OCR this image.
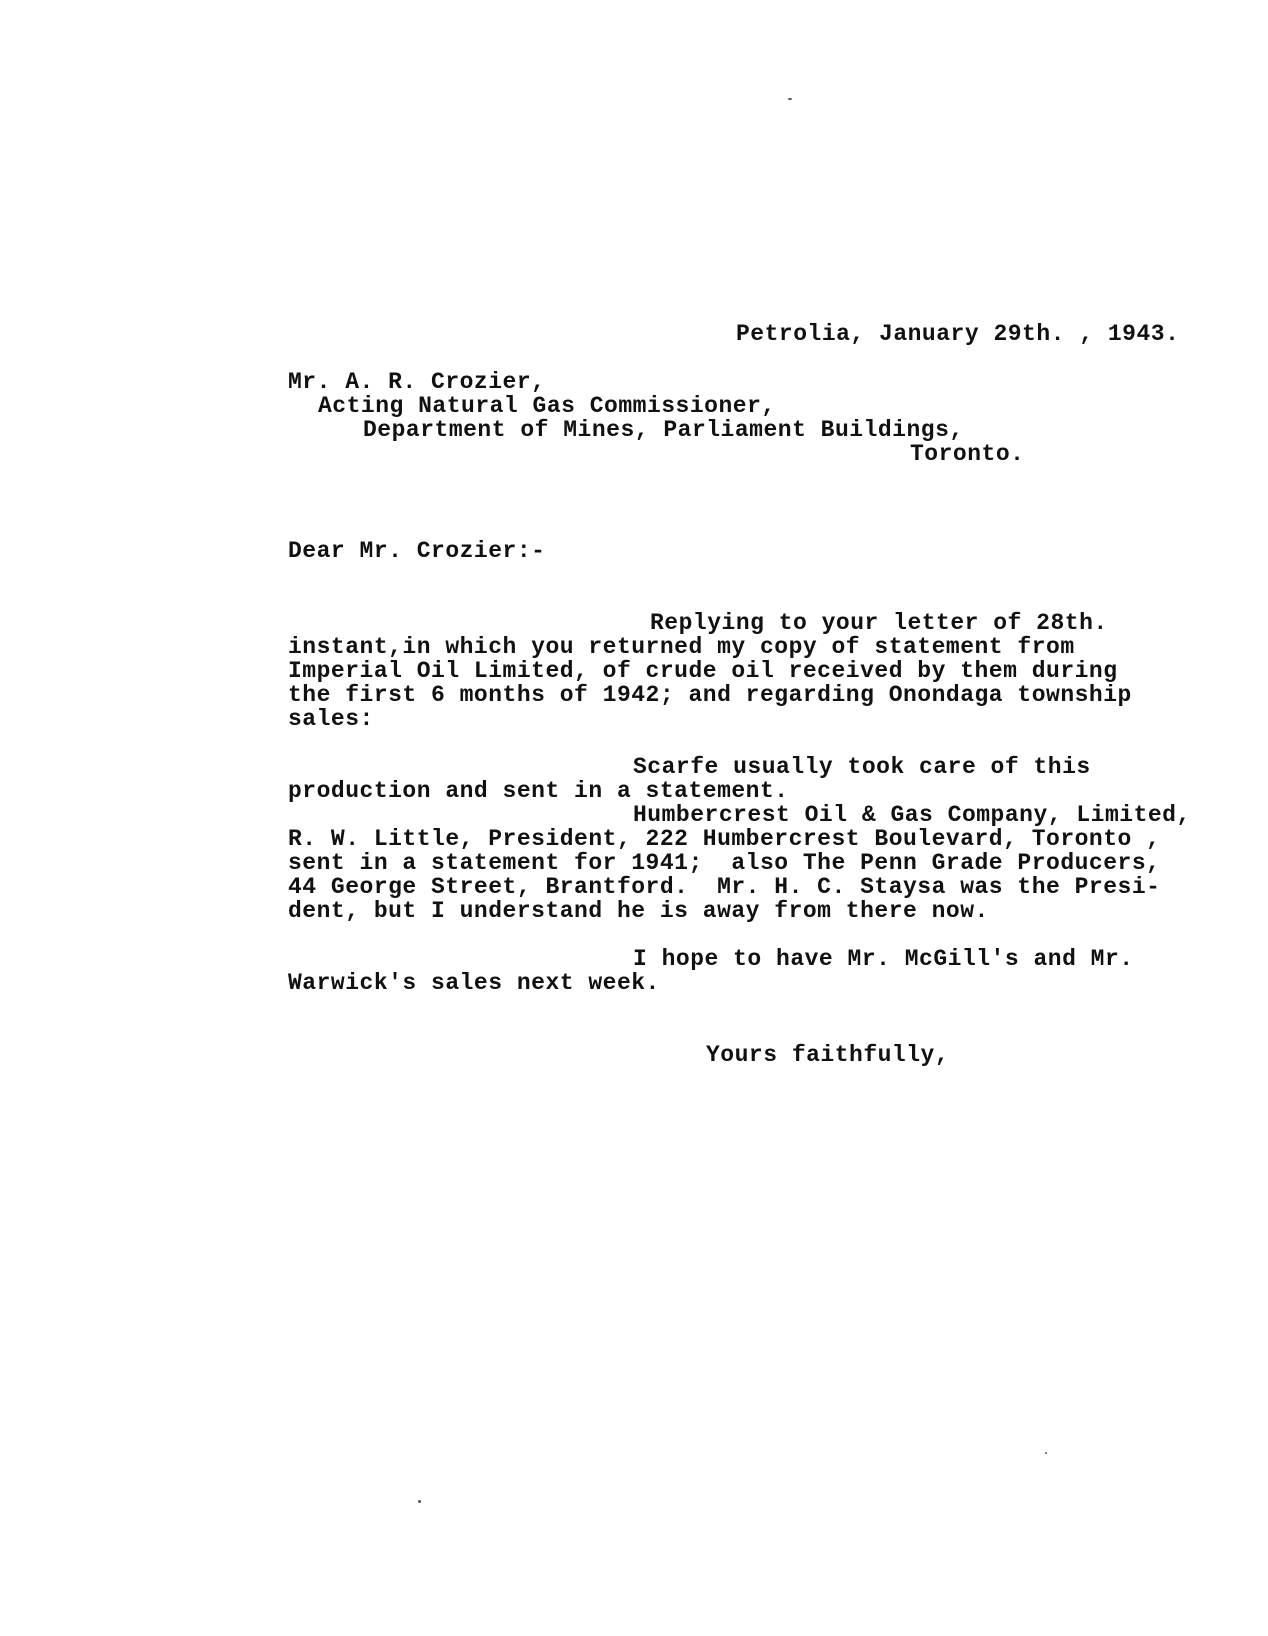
Petrolia, January 29th. , 1943.
Mr. A. R. Crozier,
Acting Natural Gas Commissioner,
Department of Mines, Parliament Buildings,
Toronto.
Dear Mr. Crozier:-
Replying to your letter of 28th.
instant,in which you returned my copy of statement from
Imperial Oil Limited, of crude oil received by them during
the first 6 months of 1942; and regarding Onondaga township
sales:
Scarfe usually took care of this
production and sent in a statement.
Humbercrest Oil & Gas Company, Limited,
R. W. Little, President, 222 Humbercrest Boulevard, Toronto ,
sent in a statement for 1941;  also The Penn Grade Producers,
44 George Street, Brantford.  Mr. H. C. Staysa was the Presi-
dent, but I understand he is away from there now.
I hope to have Mr. McGill's and Mr.
Warwick's sales next week.
Yours faithfully,
